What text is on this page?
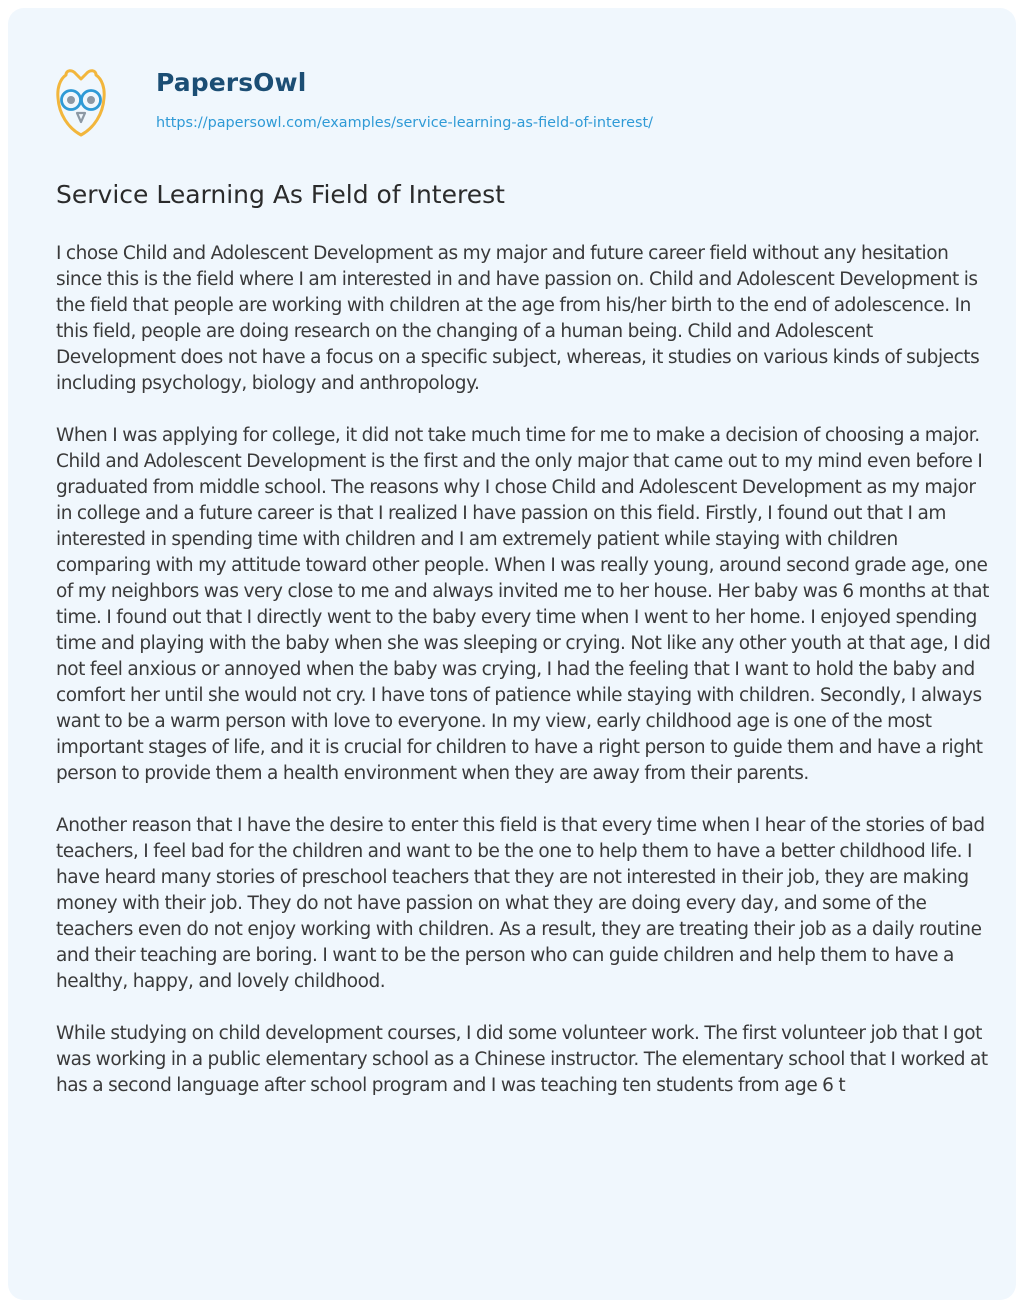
PapersOwl
https://papersowl.com/examples/service-learning-as-field-of-interest/
Service Learning As Field of Interest

I chose Child and Adolescent Development as my major and future career field without any hesitation since this is the field where I am interested in and have passion on. Child and Adolescent Development is the field that people are working with children at the age from his/her birth to the end of adolescence. In this field, people are doing research on the changing of a human being. Child and Adolescent Development does not have a focus on a specific subject, whereas, it studies on various kinds of subjects including psychology, biology and anthropology.

When I was applying for college, it did not take much time for me to make a decision of choosing a major. Child and Adolescent Development is the first and the only major that came out to my mind even before I graduated from middle school. The reasons why I chose Child and Adolescent Development as my major in college and a future career is that I realized I have passion on this field. Firstly, I found out that I am interested in spending time with children and I am extremely patient while staying with children comparing with my attitude toward other people. When I was really young, around second grade age, one of my neighbors was very close to me and always invited me to her house. Her baby was 6 months at that time. I found out that I directly went to the baby every time when I went to her home. I enjoyed spending time and playing with the baby when she was sleeping or crying. Not like any other youth at that age, I did not feel anxious or annoyed when the baby was crying, I had the feeling that I want to hold the baby and comfort her until she would not cry. I have tons of patience while staying with children. Secondly, I always want to be a warm person with love to everyone. In my view, early childhood age is one of the most important stages of life, and it is crucial for children to have a right person to guide them and have a right person to provide them a health environment when they are away from their parents.

Another reason that I have the desire to enter this field is that every time when I hear of the stories of bad teachers, I feel bad for the children and want to be the one to help them to have a better childhood life. I have heard many stories of preschool teachers that they are not interested in their job, they are making money with their job. They do not have passion on what they are doing every day, and some of the teachers even do not enjoy working with children. As a result, they are treating their job as a daily routine and their teaching are boring. I want to be the person who can guide children and help them to have a healthy, happy, and lovely childhood.

While studying on child development courses, I did some volunteer work. The first volunteer job that I got was working in a public elementary school as a Chinese instructor. The elementary school that I worked at has a second language after school program and I was teaching ten students from age 6 t
